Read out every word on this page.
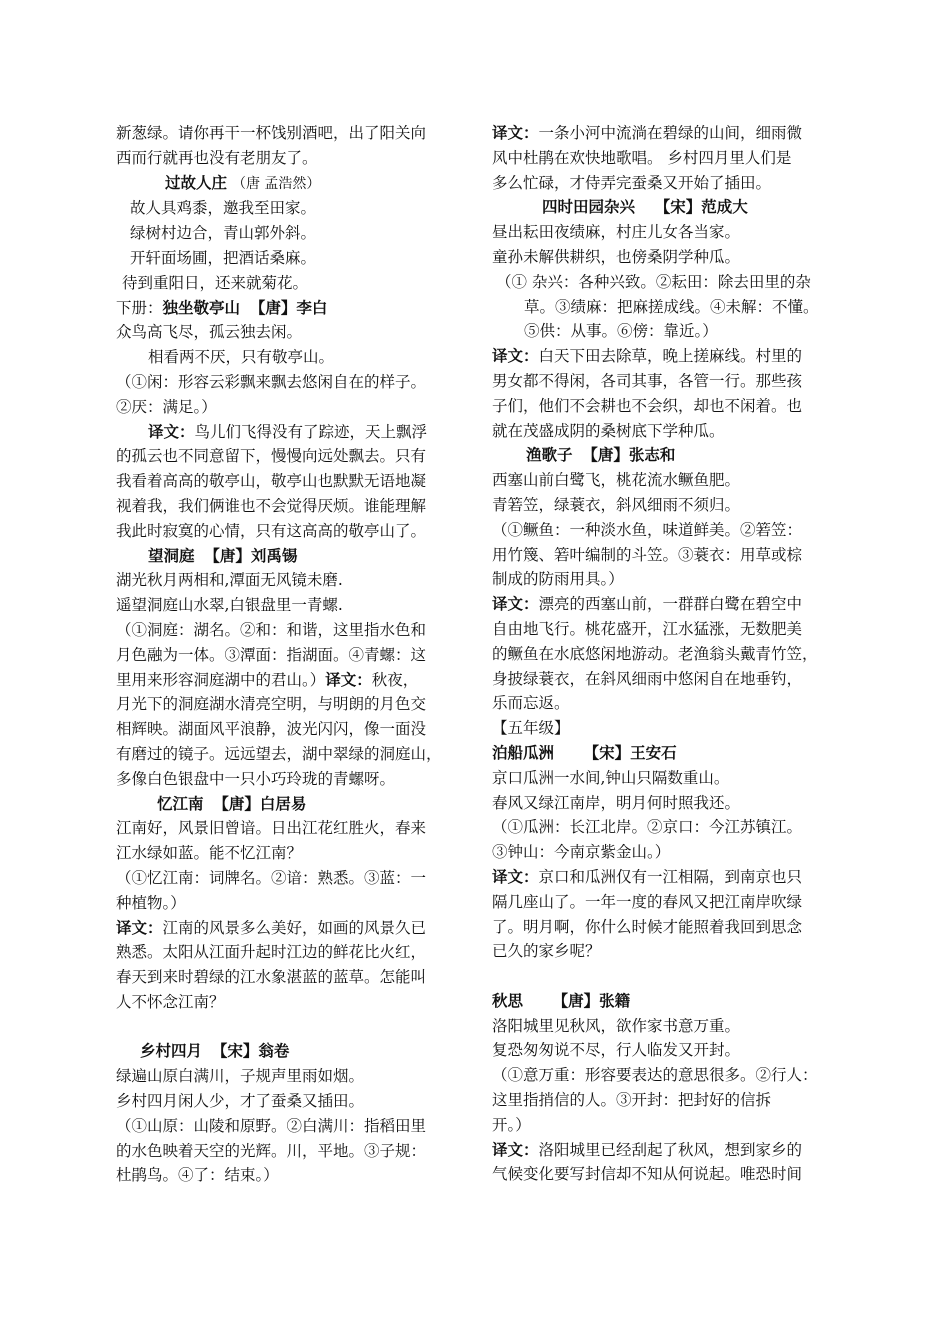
新葱绿。请你再干一杯饯别酒吧，出了阳关向

西而行就再也没有老朋友了。

过故人庄 （唐 孟浩然）

故人具鸡黍，邀我至田家。

绿树村边合，青山郭外斜。

开轩面场圃，把酒话桑麻。

待到重阳日，还来就菊花。

下册：独坐敬亭山 【唐】李白

众鸟高飞尽，孤云独去闲。

相看两不厌，只有敬亭山。

（①闲：形容云彩飘来飘去悠闲自在的样子。

②厌：满足。）

译文：鸟儿们飞得没有了踪迹，天上飘浮

的孤云也不同意留下，慢慢向远处飘去。只有

我看着高高的敬亭山，敬亭山也默默无语地凝

视着我，我们俩谁也不会觉得厌烦。谁能理解

我此时寂寞的心情，只有这高高的敬亭山了。

望洞庭 【唐】刘禹锡

湖光秋月两相和,潭面无风镜未磨.

遥望洞庭山水翠,白银盘里一青螺.

（①洞庭：湖名。②和：和谐，这里指水色和

月色融为一体。③潭面：指湖面。④青螺：这

里用来形容洞庭湖中的君山。）译文：秋夜，

月光下的洞庭湖水清亮空明，与明朗的月色交

相辉映。湖面风平浪静，波光闪闪，像一面没

有磨过的镜子。远远望去，湖中翠绿的洞庭山，

多像白色银盘中一只小巧玲珑的青螺呀。

忆江南 【唐】白居易

江南好，风景旧曾谙。日出江花红胜火，春来

江水绿如蓝。能不忆江南？

（①忆江南：词牌名。②谙：熟悉。③蓝：一

种植物。）

译文：江南的风景多么美好，如画的风景久已

熟悉。太阳从江面升起时江边的鲜花比火红，

春天到来时碧绿的江水象湛蓝的蓝草。怎能叫

人不怀念江南？

乡村四月 【宋】翁卷

绿遍山原白满川，子规声里雨如烟。

乡村四月闲人少，才了蚕桑又插田。

（①山原：山陵和原野。②白满川：指稻田里

的水色映着天空的光辉。川，平地。③子规：

杜鹃鸟。④了：结束。）

译文：一条小河中流淌在碧绿的山间，细雨微

风中杜鹃在欢快地歌唱。 乡村四月里人们是

多么忙碌，才侍弄完蚕桑又开始了插田。

四时田园杂兴 【宋】范成大

昼出耘田夜绩麻，村庄儿女各当家。

童孙未解供耕织，也傍桑阴学种瓜。

（① 杂兴：各种兴致。②耘田：除去田里的杂

草。③绩麻：把麻搓成线。④未解：不懂。

⑤供：从事。⑥傍：靠近。）

译文：白天下田去除草，晚上搓麻线。村里的

男女都不得闲，各司其事，各管一行。那些孩

子们，他们不会耕也不会织，却也不闲着。也

就在茂盛成阴的桑树底下学种瓜。

渔歌子 【唐】张志和

西塞山前白鹭飞，桃花流水鳜鱼肥。

青箬笠，绿蓑衣，斜风细雨不须归。

（①鳜鱼：一种淡水鱼，味道鲜美。②箬笠：

用竹篾、箬叶编制的斗笠。③蓑衣：用草或棕

制成的防雨用具。）

译文：漂亮的西塞山前，一群群白鹭在碧空中

自由地飞行。桃花盛开，江水猛涨，无数肥美

的鳜鱼在水底悠闲地游动。老渔翁头戴青竹笠，

身披绿蓑衣，在斜风细雨中悠闲自在地垂钓，

乐而忘返。

【五年级】

泊船瓜洲 【宋】王安石

京口瓜洲一水间,钟山只隔数重山。

春风又绿江南岸，明月何时照我还。

（①瓜洲：长江北岸。②京口：今江苏镇江。

③钟山：今南京紫金山。）

译文：京口和瓜洲仅有一江相隔，到南京也只

隔几座山了。一年一度的春风又把江南岸吹绿

了。明月啊，你什么时候才能照着我回到思念

已久的家乡呢？

秋思 【唐】张籍

洛阳城里见秋风，欲作家书意万重。

复恐匆匆说不尽，行人临发又开封。

（①意万重：形容要表达的意思很多。②行人：

这里指捎信的人。③开封：把封好的信拆

开。）

译文：洛阳城里已经刮起了秋风，想到家乡的

气候变化要写封信却不知从何说起。唯恐时间
